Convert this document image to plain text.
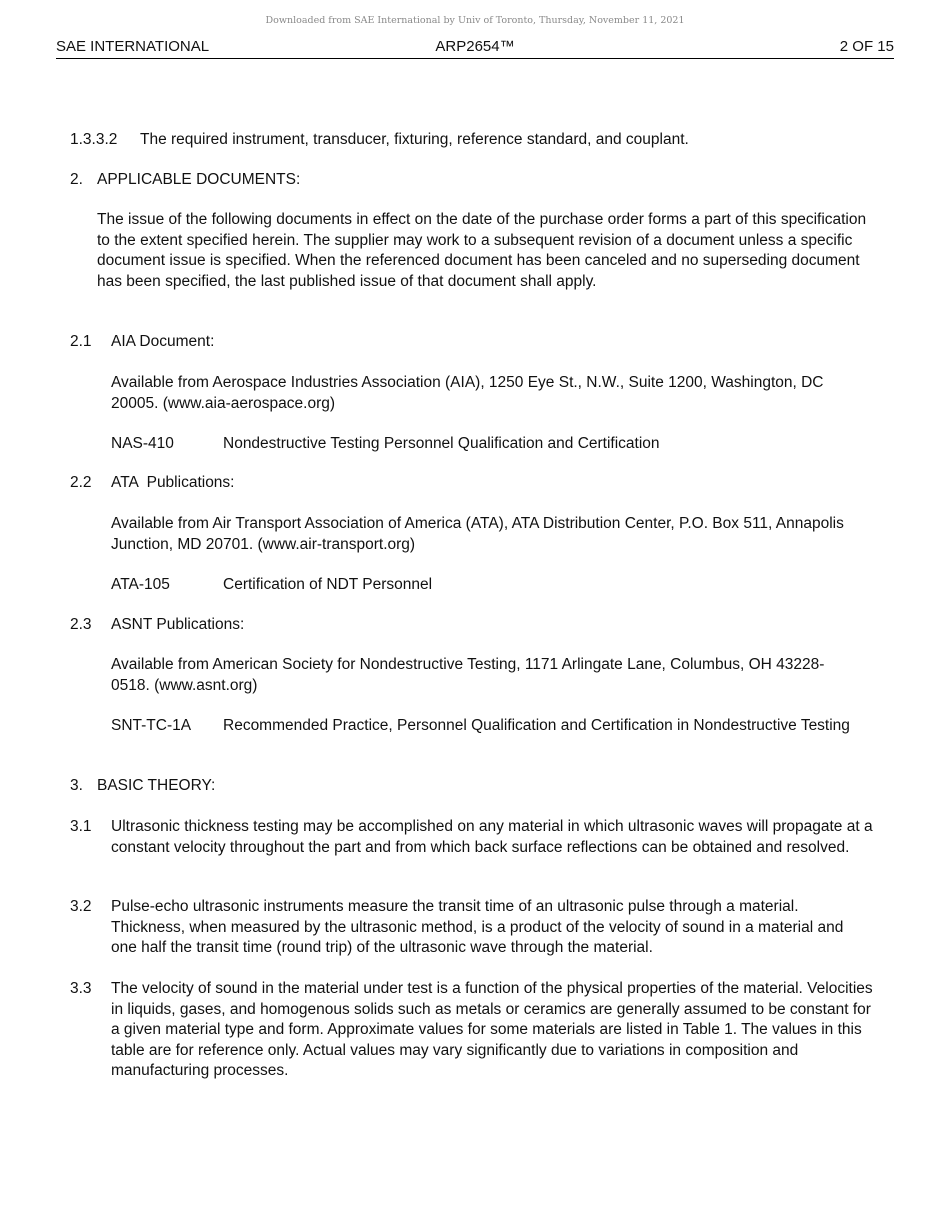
Downloaded from SAE International by Univ of Toronto, Thursday, November 11, 2021
SAE INTERNATIONAL	ARP2654™	2 OF 15
1.3.3.2 The required instrument, transducer, fixturing, reference standard, and couplant.
2. APPLICABLE DOCUMENTS:
The issue of the following documents in effect on the date of the purchase order forms a part of this specification to the extent specified herein. The supplier may work to a subsequent revision of a document unless a specific document issue is specified. When the referenced document has been canceled and no superseding document has been specified, the last published issue of that document shall apply.
2.1 AIA Document:
Available from Aerospace Industries Association (AIA), 1250 Eye St., N.W., Suite 1200, Washington, DC 20005. (www.aia-aerospace.org)
NAS-410	Nondestructive Testing Personnel Qualification and Certification
2.2 ATA  Publications:
Available from Air Transport Association of America (ATA), ATA Distribution Center, P.O. Box 511, Annapolis Junction, MD 20701. (www.air-transport.org)
ATA-105	Certification of NDT Personnel
2.3 ASNT Publications:
Available from American Society for Nondestructive Testing, 1171 Arlingate Lane, Columbus, OH 43228-0518. (www.asnt.org)
SNT-TC-1A Recommended Practice, Personnel Qualification and Certification in Nondestructive Testing
3. BASIC THEORY:
3.1 Ultrasonic thickness testing may be accomplished on any material in which ultrasonic waves will propagate at a constant velocity throughout the part and from which back surface reflections can be obtained and resolved.
3.2 Pulse-echo ultrasonic instruments measure the transit time of an ultrasonic pulse through a material. Thickness, when measured by the ultrasonic method, is a product of the velocity of sound in a material and one half the transit time (round trip) of the ultrasonic wave through the material.
3.3 The velocity of sound in the material under test is a function of the physical properties of the material. Velocities in liquids, gases, and homogenous solids such as metals or ceramics are generally assumed to be constant for a given material type and form. Approximate values for some materials are listed in Table 1. The values in this table are for reference only. Actual values may vary significantly due to variations in composition and manufacturing processes.
